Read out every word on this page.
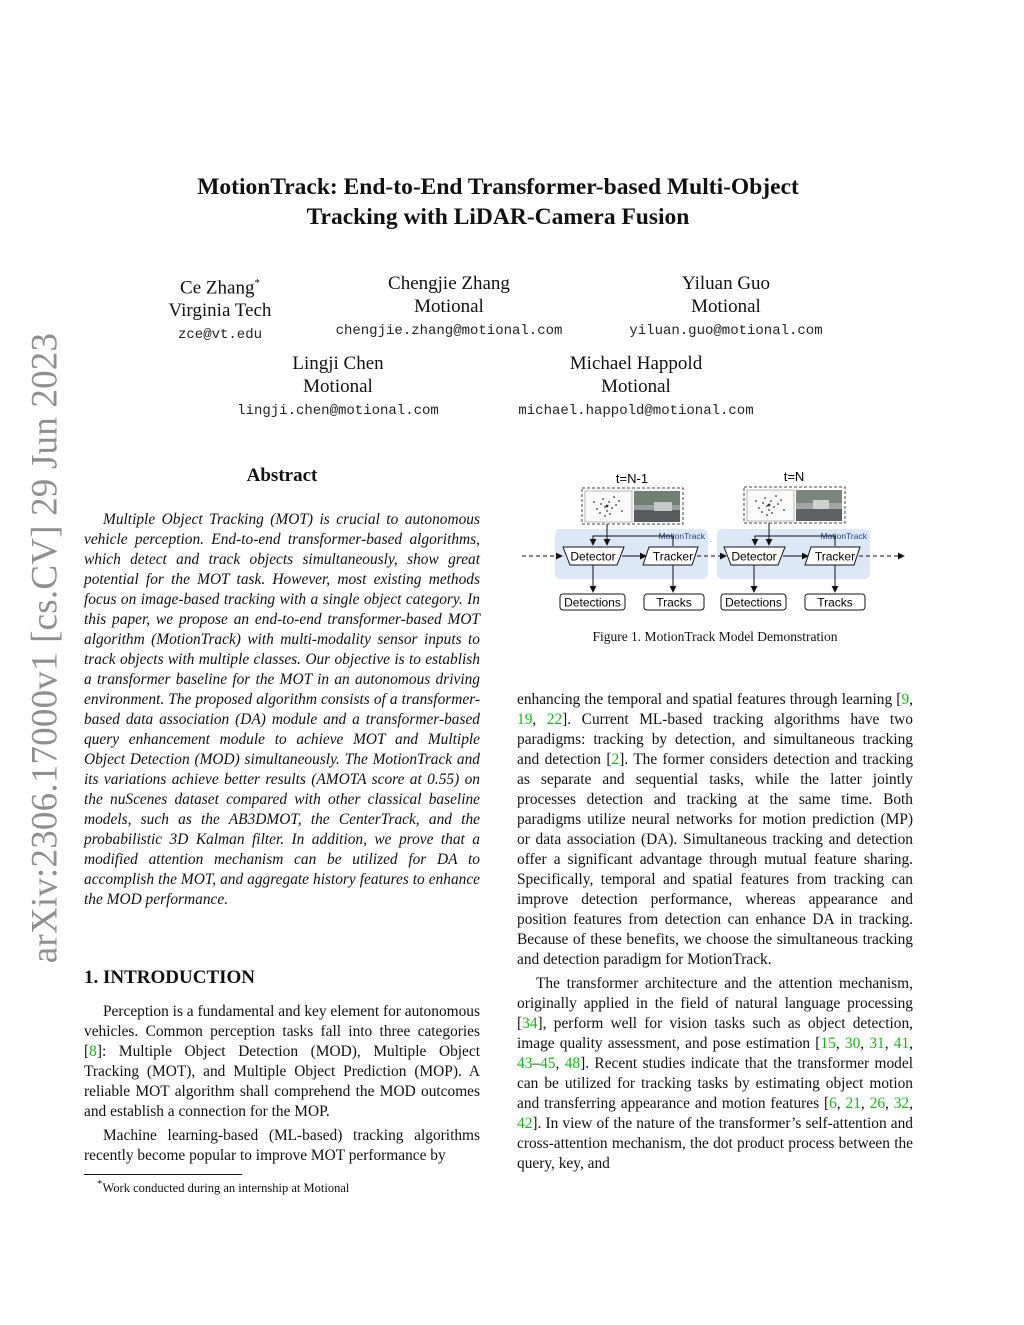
arXiv:2306.17000v1 [cs.CV] 29 Jun 2023
MotionTrack: End-to-End Transformer-based Multi-Object
Tracking with LiDAR-Camera Fusion
Ce Zhang*
Virginia Tech
zce@vt.edu
Chengjie Zhang
Motional
chengjie.zhang@motional.com
Yiluan Guo
Motional
yiluan.guo@motional.com
Lingji Chen
Motional
lingji.chen@motional.com
Michael Happold
Motional
michael.happold@motional.com
Abstract

Multiple Object Tracking (MOT) is crucial to autonomous vehicle perception. End-to-end transformer-based algorithms, which detect and track objects simultaneously, show great potential for the MOT task. However, most existing methods focus on image-based tracking with a single object category. In this paper, we propose an end-to-end transformer-based MOT algorithm (MotionTrack) with multi-modality sensor inputs to track objects with multiple classes. Our objective is to establish a transformer baseline for the MOT in an autonomous driving environment. The proposed algorithm consists of a transformer-based data association (DA) module and a transformer-based query enhancement module to achieve MOT and Multiple Object Detection (MOD) simultaneously. The MotionTrack and its variations achieve better results (AMOTA score at 0.55) on the nuScenes dataset compared with other classical baseline models, such as the AB3DMOT, the CenterTrack, and the probabilistic 3D Kalman filter. In addition, we prove that a modified attention mechanism can be utilized for DA to accomplish the MOT, and aggregate history features to enhance the MOD performance.

1. INTRODUCTION

Perception is a fundamental and key element for autonomous vehicles. Common perception tasks fall into three categories [8]: Multiple Object Detection (MOD), Multiple Object Tracking (MOT), and Multiple Object Prediction (MOP). A reliable MOT algorithm shall comprehend the MOD outcomes and establish a connection for the MOP.

Machine learning-based (ML-based) tracking algorithms recently become popular to improve MOT performance by

*Work conducted during an internship at Motional
t=N-1	t=N
MotionTrack	MotionTrack
Detector	Tracker	Detector	Tracker
Detections	Tracks	Detections	Tracks
Figure 1. MotionTrack Model Demonstration

enhancing the temporal and spatial features through learning [9, 19, 22]. Current ML-based tracking algorithms have two paradigms: tracking by detection, and simultaneous tracking and detection [2]. The former considers detection and tracking as separate and sequential tasks, while the latter jointly processes detection and tracking at the same time. Both paradigms utilize neural networks for motion prediction (MP) or data association (DA). Simultaneous tracking and detection offer a significant advantage through mutual feature sharing. Specifically, temporal and spatial features from tracking can improve detection performance, whereas appearance and position features from detection can enhance DA in tracking. Because of these benefits, we choose the simultaneous tracking and detection paradigm for MotionTrack.

The transformer architecture and the attention mechanism, originally applied in the field of natural language processing [34], perform well for vision tasks such as object detection, image quality assessment, and pose estimation [15, 30, 31, 41, 43–45, 48]. Recent studies indicate that the transformer model can be utilized for tracking tasks by estimating object motion and transferring appearance and motion features [6, 21, 26, 32, 42]. In view of the nature of the transformer’s self-attention and cross-attention mechanism, the dot product process between the query, key, and
